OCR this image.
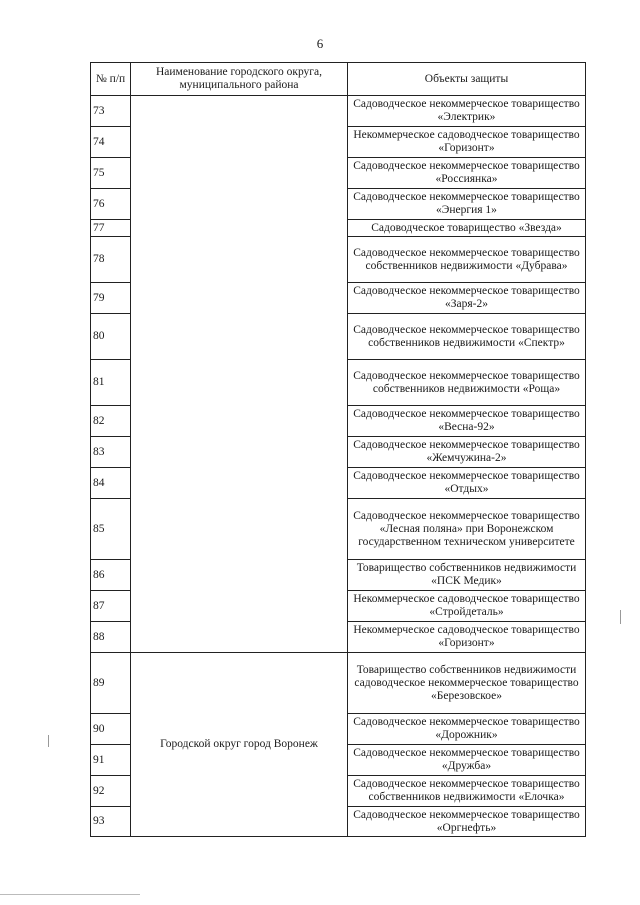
6
№ п/п	Наименование городского округа, муниципального района	Объекты защиты
73		Садоводческое некоммерческое товарищество «Электрик»
74		Некоммерческое садоводческое товарищество «Горизонт»
75		Садоводческое некоммерческое товарищество «Россиянка»
76		Садоводческое некоммерческое товарищество «Энергия 1»
77		Садоводческое товарищество «Звезда»
78		Садоводческое некоммерческое товарищество собственников недвижимости «Дубрава»
79		Садоводческое некоммерческое товарищество «Заря-2»
80		Садоводческое некоммерческое товарищество собственников недвижимости «Спектр»
81		Садоводческое некоммерческое товарищество собственников недвижимости «Роща»
82		Садоводческое некоммерческое товарищество «Весна-92»
83		Садоводческое некоммерческое товарищество «Жемчужина-2»
84		Садоводческое некоммерческое товарищество «Отдых»
85		Садоводческое некоммерческое товарищество «Лесная поляна» при Воронежском государственном техническом университете
86		Товарищество собственников недвижимости «ПСК Медик»
87		Некоммерческое садоводческое товарищество «Стройдеталь»
88		Некоммерческое садоводческое товарищество «Горизонт»
89	Городской округ город Воронеж	Товарищество собственников недвижимости садоводческое некоммерческое товарищество «Березовское»
90		Садоводческое некоммерческое товарищество «Дорожник»
91		Садоводческое некоммерческое товарищество «Дружба»
92		Садоводческое некоммерческое товарищество собственников недвижимости «Елочка»
93		Садоводческое некоммерческое товарищество «Оргнефть»
